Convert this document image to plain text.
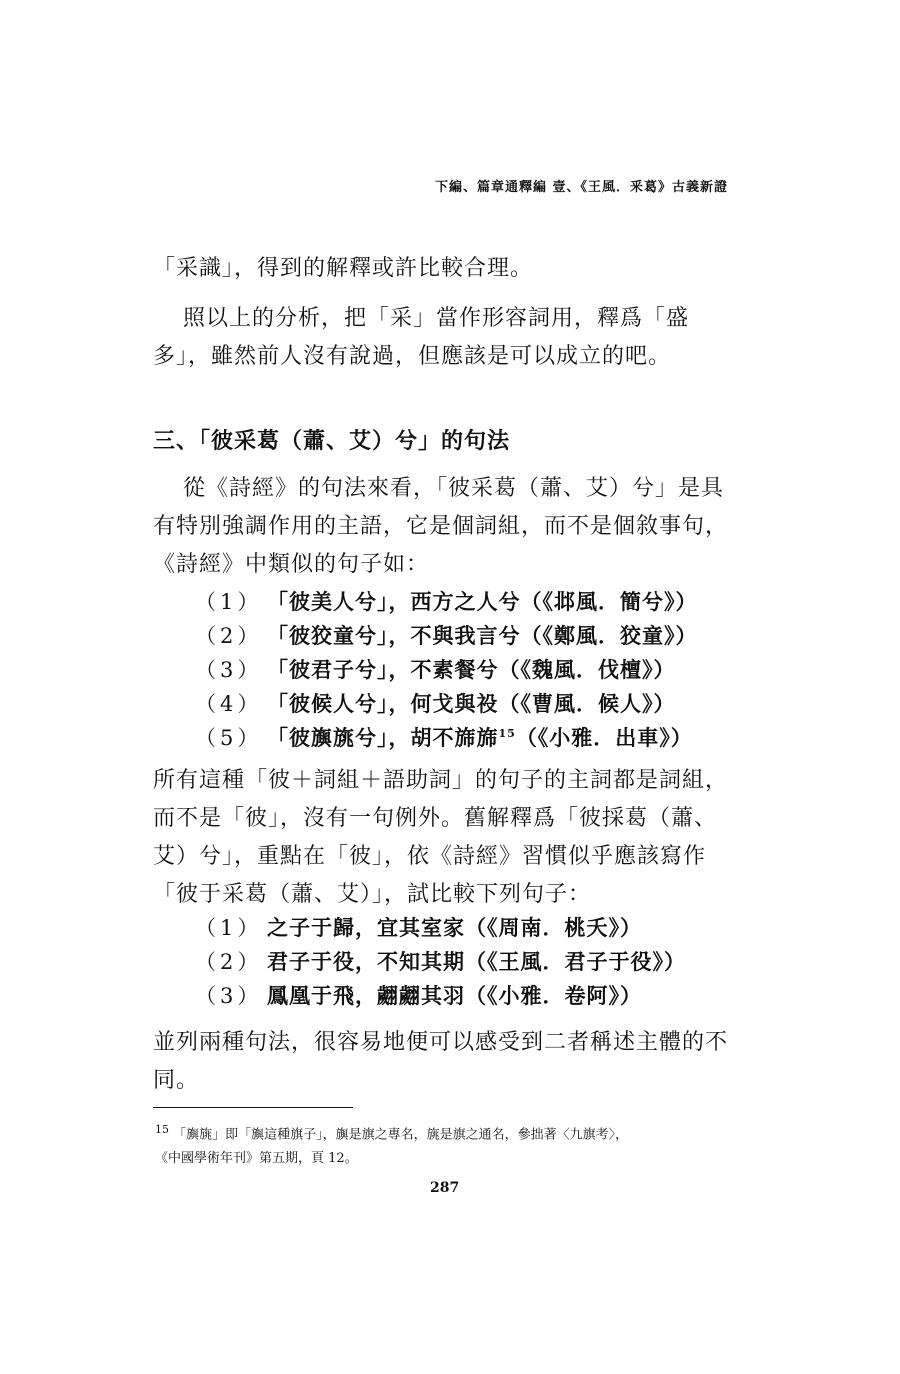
下編、篇章通釋編 壹、《王風．釆葛》古義新證
「采識」，得到的解釋或許比較合理。
照以上的分析，把「采」當作形容詞用，釋爲「盛多」，雖然前人沒有說過，但應該是可以成立的吧。
三、「彼采葛（蕭、艾）兮」的句法
從《詩經》的句法來看，「彼采葛（蕭、艾）兮」是具有特別強調作用的主語，它是個詞組，而不是個敘事句，《詩經》中類似的句子如：
（1） 「彼美人兮」，西方之人兮（《邶風．簡兮》）
（2） 「彼狡童兮」，不與我言兮（《鄭風．狡童》）
（3） 「彼君子兮」，不素餐兮（《魏風．伐檀》）
（4） 「彼候人兮」，何戈與祋（《曹風．候人》）
（5） 「彼旟旐兮」，胡不旆旆$^{15}$（《小雅．出車》）
所有這種「彼＋詞組＋語助詞」的句子的主詞都是詞組，而不是「彼」，沒有一句例外。舊解釋爲「彼採葛（蕭、艾）兮」，重點在「彼」，依《詩經》習慣似乎應該寫作「彼于采葛（蕭、艾）」，試比較下列句子：
（1） 之子于歸，宜其室家（《周南．桃夭》）
（2） 君子于役，不知其期（《王風．君子于役》）
（3） 鳳凰于飛，翽翽其羽（《小雅．卷阿》）
並列兩種句法，很容易地便可以感受到二者稱述主體的不同。
$^{15}$ 「旟旐」即「旟這種旗子」，旟是旗之專名，旐是旗之通名，參拙著〈九旗考〉，
《中國學術年刊》第五期，頁 12。
287
